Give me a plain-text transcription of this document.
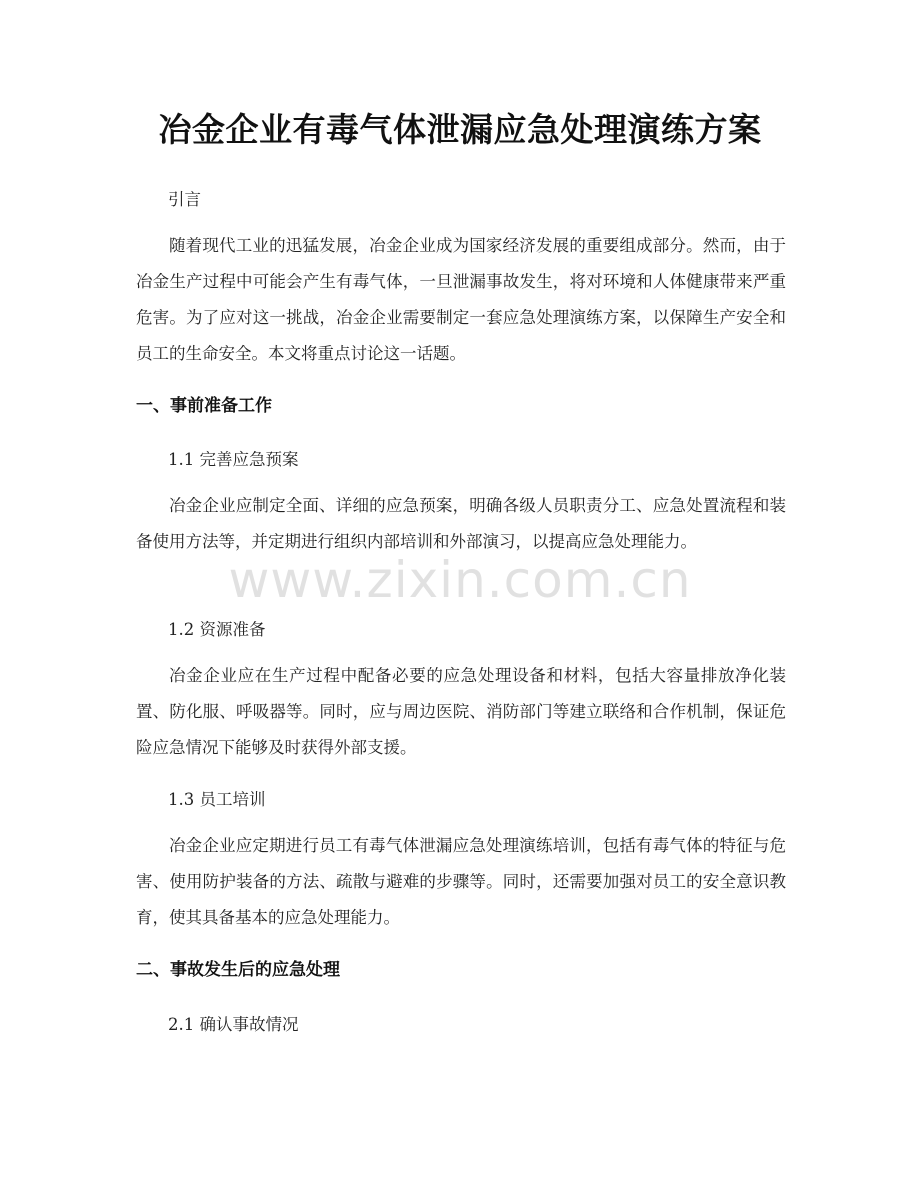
冶金企业有毒气体泄漏应急处理演练方案
引言
随着现代工业的迅猛发展，冶金企业成为国家经济发展的重要组成部分。然而，由于冶金生产过程中可能会产生有毒气体，一旦泄漏事故发生，将对环境和人体健康带来严重危害。为了应对这一挑战，冶金企业需要制定一套应急处理演练方案，以保障生产安全和员工的生命安全。本文将重点讨论这一话题。
一、事前准备工作
1.1 完善应急预案
冶金企业应制定全面、详细的应急预案，明确各级人员职责分工、应急处置流程和装备使用方法等，并定期进行组织内部培训和外部演习，以提高应急处理能力。
1.2 资源准备
冶金企业应在生产过程中配备必要的应急处理设备和材料，包括大容量排放净化装置、防化服、呼吸器等。同时，应与周边医院、消防部门等建立联络和合作机制，保证危险应急情况下能够及时获得外部支援。
1.3 员工培训
冶金企业应定期进行员工有毒气体泄漏应急处理演练培训，包括有毒气体的特征与危害、使用防护装备的方法、疏散与避难的步骤等。同时，还需要加强对员工的安全意识教育，使其具备基本的应急处理能力。
二、事故发生后的应急处理
2.1 确认事故情况
www.zixin.com.cn
